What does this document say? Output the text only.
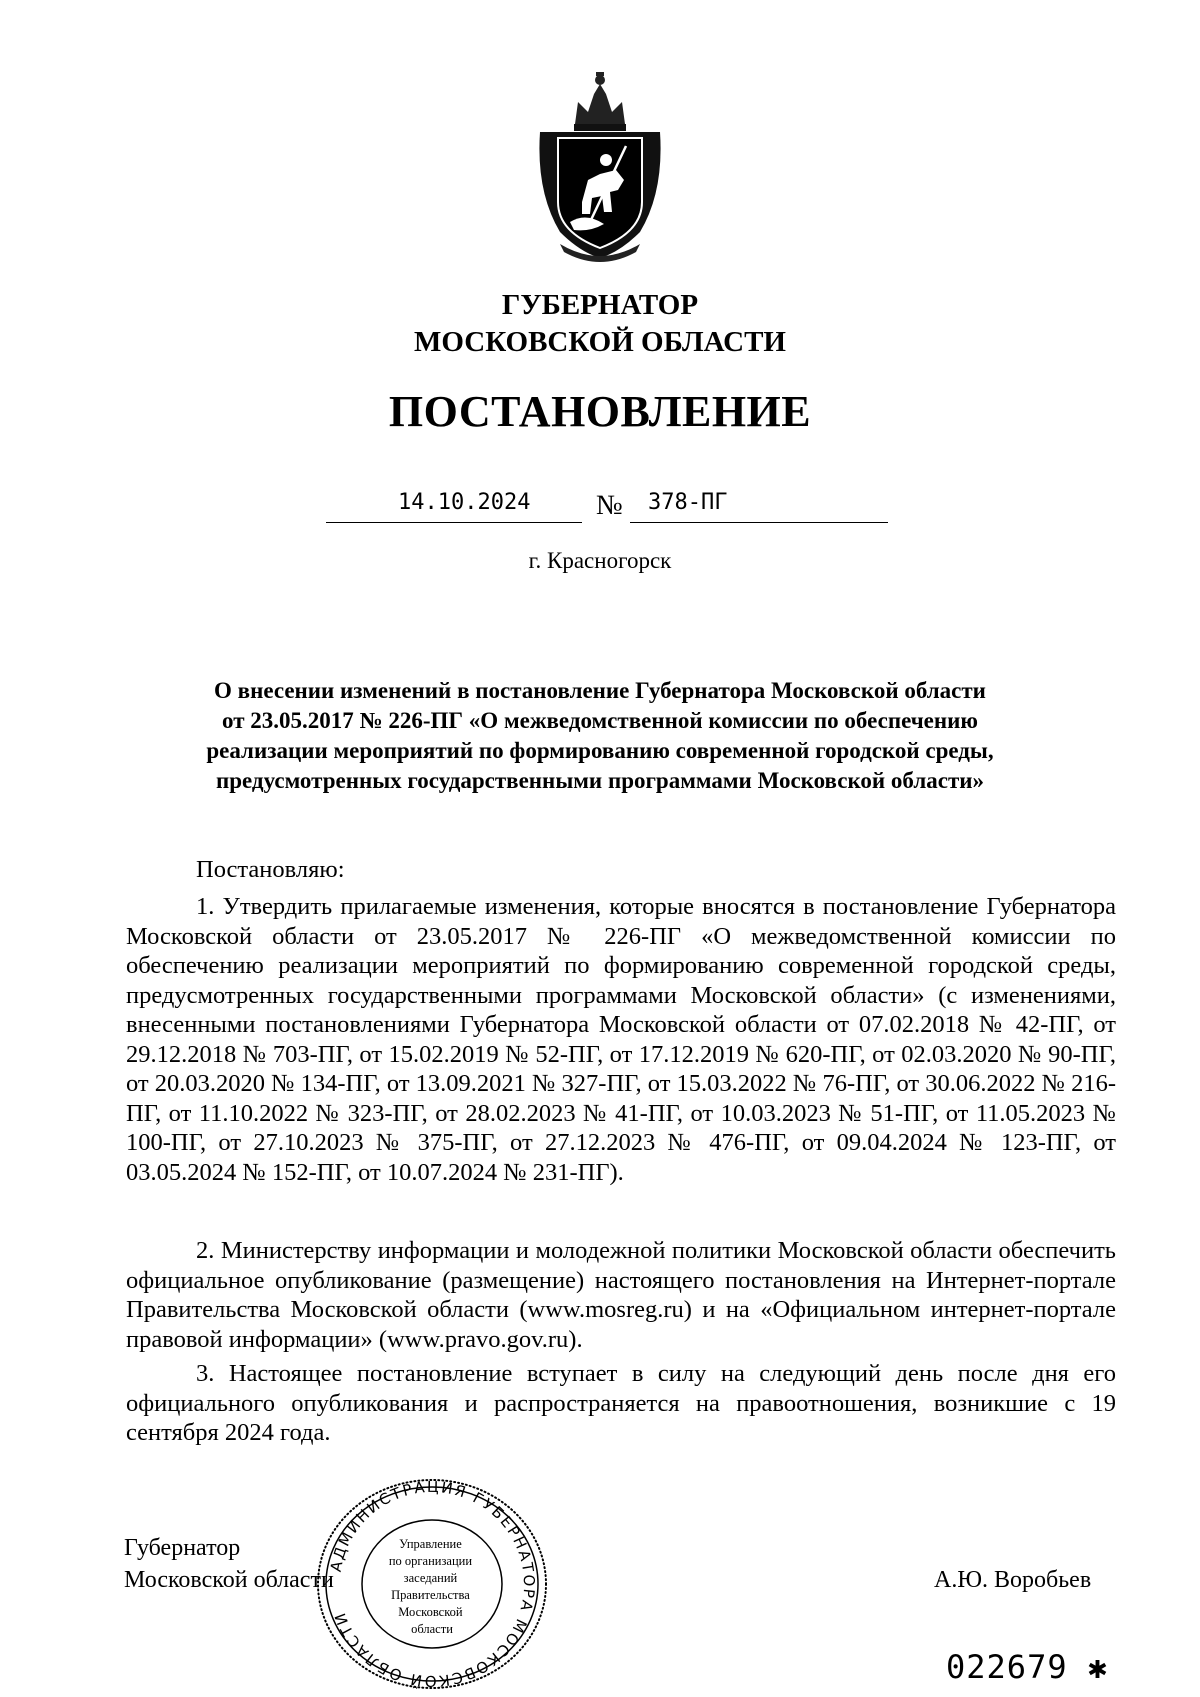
ГУБЕРНАТОР
МОСКОВСКОЙ ОБЛАСТИ
ПОСТАНОВЛЕНИЕ
14.10.2024 № 378-ПГ
г. Красногорск
О внесении изменений в постановление Губернатора Московской области
от 23.05.2017 № 226-ПГ «О межведомственной комиссии по обеспечению
реализации мероприятий по формированию современной городской среды,
предусмотренных государственными программами Московской области»
Постановляю:
1. Утвердить прилагаемые изменения, которые вносятся в постановление Губернатора Московской области от 23.05.2017 № 226-ПГ «О межведомственной комиссии по обеспечению реализации мероприятий по формированию современной городской среды, предусмотренных государственными программами Московской области» (с изменениями, внесенными постановлениями Губернатора Московской области от 07.02.2018 № 42-ПГ, от 29.12.2018 № 703-ПГ, от 15.02.2019 № 52-ПГ, от 17.12.2019 № 620-ПГ, от 02.03.2020 № 90-ПГ, от 20.03.2020 № 134-ПГ, от 13.09.2021 № 327-ПГ, от 15.03.2022 № 76-ПГ, от 30.06.2022 № 216-ПГ, от 11.10.2022 № 323-ПГ, от 28.02.2023 № 41-ПГ, от 10.03.2023 № 51-ПГ, от 11.05.2023 № 100-ПГ, от 27.10.2023 № 375-ПГ, от 27.12.2023 № 476-ПГ, от 09.04.2024 № 123-ПГ, от 03.05.2024 № 152-ПГ, от 10.07.2024 № 231-ПГ).
2. Министерству информации и молодежной политики Московской области обеспечить официальное опубликование (размещение) настоящего постановления на Интернет-портале Правительства Московской области (www.mosreg.ru) и на «Официальном интернет-портале правовой информации» (www.pravo.gov.ru).
3. Настоящее постановление вступает в силу на следующий день после дня его официального опубликования и распространяется на правоотношения, возникшие с 19 сентября 2024 года.
Губернатор
Московской области	А.Ю. Воробьев
АДМИНИСТРАЦИЯ ГУБЕРНАТОРА МОСКОВСКОЙ ОБЛАСТИ
Управление по организации заседаний Правительства Московской области
022679 ✱
